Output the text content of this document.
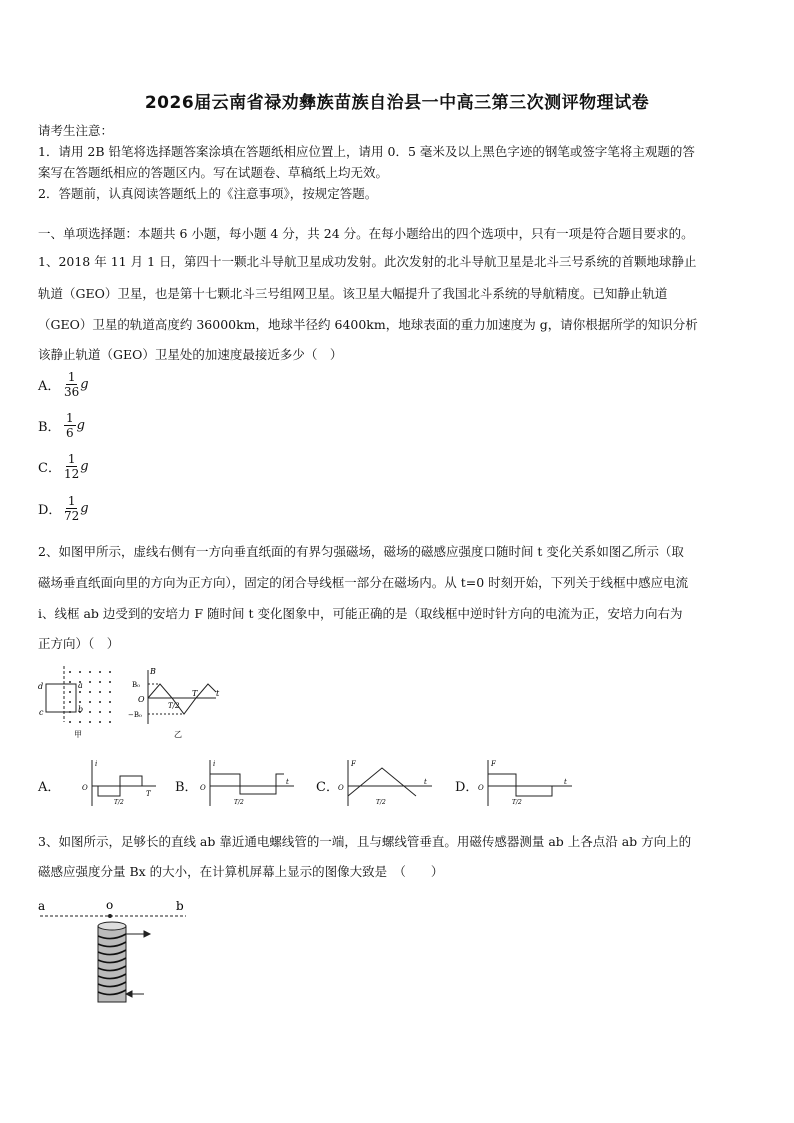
2026届云南省禄劝彝族苗族自治县一中高三第三次测评物理试卷
请考生注意：
1．请用 2B 铅笔将选择题答案涂填在答题纸相应位置上，请用 0．5 毫米及以上黑色字迹的钢笔或签字笔将主观题的答
案写在答题纸相应的答题区内。写在试题卷、草稿纸上均无效。
2．答题前，认真阅读答题纸上的《注意事项》，按规定答题。
一、单项选择题：本题共 6 小题，每小题 4 分，共 24 分。在每小题给出的四个选项中，只有一项是符合题目要求的。
1、2018 年 11 月 1 日，第四十一颗北斗导航卫星成功发射。此次发射的北斗导航卫星是北斗三号系统的首颗地球静止
轨道（GEO）卫星，也是第十七颗北斗三号组网卫星。该卫星大幅提升了我国北斗系统的导航精度。已知静止轨道
（GEO）卫星的轨道高度约 36000km，地球半径约 6400km，地球表面的重力加速度为 g，请你根据所学的知识分析
该静止轨道（GEO）卫星处的加速度最接近多少（　）
A． $\frac{1}{36}$ g
B． $\frac{1}{6}$ g
C． $\frac{1}{12}$ g
D． $\frac{1}{72}$ g
2、如图甲所示，虚线右侧有一方向垂直纸面的有界匀强磁场，磁场的磁感应强度口随时间 t 变化关系如图乙所示（取
磁场垂直纸面向里的方向为正方向），固定的闭合导线框一部分在磁场内。从 t=0 时刻开始，下列关于线框中感应电流
i、线框 ab 边受到的安培力 F 随时间 t 变化图象中，可能正确的是（取线框中逆时针方向的电流为正，安培力向右为
正方向）（　）
d	a
c	b
甲
B
B₀
O
−B₀
T/2
T t
乙
A．
i
O
T/2
T B．
i
O
T/2
t C．
F
O
T/2
t D．
F
O
T/2
t
3、如图所示，足够长的直线 ab 靠近通电螺线管的一端，且与螺线管垂直。用磁传感器测量 ab 上各点沿 ab 方向上的
磁感应强度分量 Bx 的大小，在计算机屏幕上显示的图像大致是　（　　）
a	o	b
